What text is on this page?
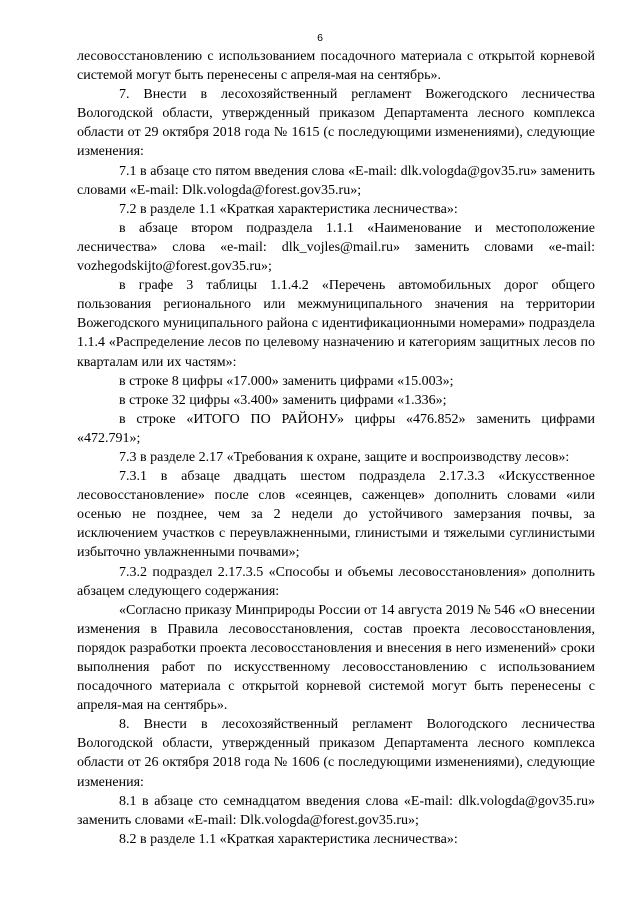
6

лесовосстановлению с использованием посадочного материала с открытой корневой системой могут быть перенесены с апреля-мая на сентябрь».

7. Внести в лесохозяйственный регламент Вожегодского лесничества Вологодской области, утвержденный приказом Департамента лесного комплекса области от 29 октября 2018 года № 1615 (с последующими изменениями), следующие изменения:

7.1 в абзаце сто пятом введения слова «E-mail: dlk.vologda@gov35.ru» заменить словами «E-mail: Dlk.vologda@forest.gov35.ru»;

7.2 в разделе 1.1 «Краткая характеристика лесничества»:

в абзаце втором подраздела 1.1.1 «Наименование и местоположение лесничества» слова «e-mail: dlk_vojles@mail.ru» заменить словами «e-mail: vozhegodskijto@forest.gov35.ru»;

в графе 3 таблицы 1.1.4.2 «Перечень автомобильных дорог общего пользования регионального или межмуниципального значения на территории Вожегодского муниципального района с идентификационными номерами» подраздела 1.1.4 «Распределение лесов по целевому назначению и категориям защитных лесов по кварталам или их частям»:

в строке 8 цифры «17.000» заменить цифрами «15.003»;

в строке 32 цифры «3.400» заменить цифрами «1.336»;

в строке «ИТОГО ПО РАЙОНУ» цифры «476.852» заменить цифрами «472.791»;

7.3 в разделе 2.17 «Требования к охране, защите и воспроизводству лесов»:

7.3.1 в абзаце двадцать шестом подраздела 2.17.3.3 «Искусственное лесовосстановление» после слов «сеянцев, саженцев» дополнить словами «или осенью не позднее, чем за 2 недели до устойчивого замерзания почвы, за исключением участков с переувлажненными, глинистыми и тяжелыми суглинистыми избыточно увлажненными почвами»;

7.3.2 подраздел 2.17.3.5 «Способы и объемы лесовосстановления» дополнить абзацем следующего содержания:

«Согласно приказу Минприроды России от 14 августа 2019 № 546 «О внесении изменения в Правила лесовосстановления, состав проекта лесовосстановления, порядок разработки проекта лесовосстановления и внесения в него изменений» сроки выполнения работ по искусственному лесовосстановлению с использованием посадочного материала с открытой корневой системой могут быть перенесены с апреля-мая на сентябрь».

8. Внести в лесохозяйственный регламент Вологодского лесничества Вологодской области, утвержденный приказом Департамента лесного комплекса области от 26 октября 2018 года № 1606 (с последующими изменениями), следующие изменения:

8.1 в абзаце сто семнадцатом введения слова «E-mail: dlk.vologda@gov35.ru» заменить словами «E-mail: Dlk.vologda@forest.gov35.ru»;

8.2 в разделе 1.1 «Краткая характеристика лесничества»:
